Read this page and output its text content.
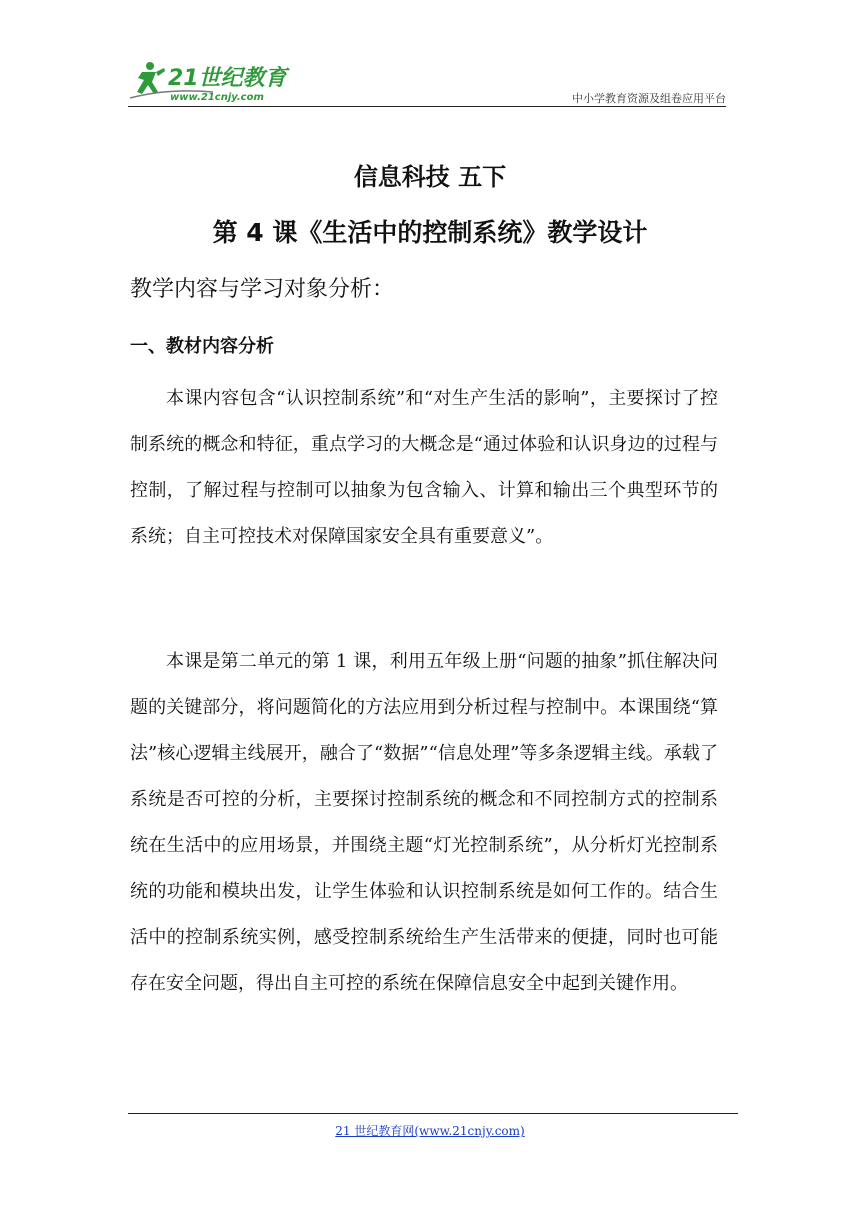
21世纪教育
www.21cnjy.com	中小学教育资源及组卷应用平台
信息科技 五下
第 4 课《生活中的控制系统》教学设计
教学内容与学习对象分析：
一、教材内容分析

本课内容包含“认识控制系统”和“对生产生活的影响”，主要探讨了控制系统的概念和特征，重点学习的大概念是“通过体验和认识身边的过程与控制，了解过程与控制可以抽象为包含输入、计算和输出三个典型环节的系统；自主可控技术对保障国家安全具有重要意义”。

本课是第二单元的第 1 课，利用五年级上册“问题的抽象”抓住解决问题的关键部分，将问题简化的方法应用到分析过程与控制中。本课围绕“算法”核心逻辑主线展开，融合了“数据”“信息处理”等多条逻辑主线。承载了系统是否可控的分析，主要探讨控制系统的概念和不同控制方式的控制系统在生活中的应用场景，并围绕主题“灯光控制系统”，从分析灯光控制系统的功能和模块出发，让学生体验和认识控制系统是如何工作的。结合生活中的控制系统实例，感受控制系统给生产生活带来的便捷，同时也可能存在安全问题，得出自主可控的系统在保障信息安全中起到关键作用。

21 世纪教育网(www.21cnjy.com)
